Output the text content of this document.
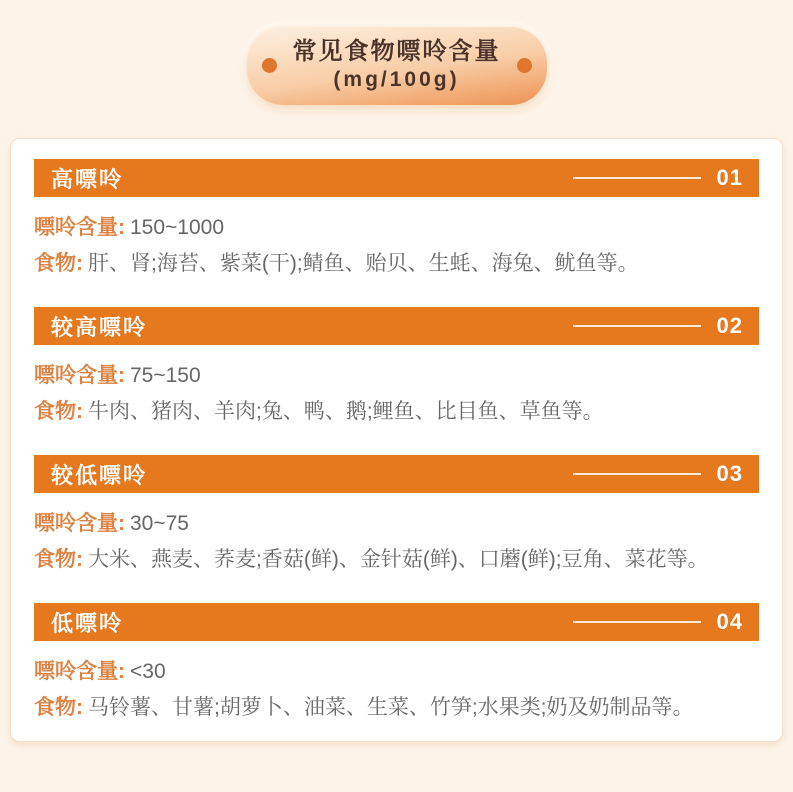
常见食物嘌呤含量
(mg/100g)
高嘌呤	01

嘌呤含量: 150~1000

食物: 肝、肾;海苔、紫菜(干);鲭鱼、贻贝、生蚝、海兔、鱿鱼等。

较高嘌呤	02

嘌呤含量: 75~150

食物: 牛肉、猪肉、羊肉;兔、鸭、鹅;鲤鱼、比目鱼、草鱼等。

较低嘌呤	03

嘌呤含量: 30~75

食物: 大米、燕麦、荞麦;香菇(鲜)、金针菇(鲜)、口蘑(鲜);豆角、菜花等。

低嘌呤	04

嘌呤含量: <30

食物: 马铃薯、甘薯;胡萝卜、油菜、生菜、竹笋;水果类;奶及奶制品等。
